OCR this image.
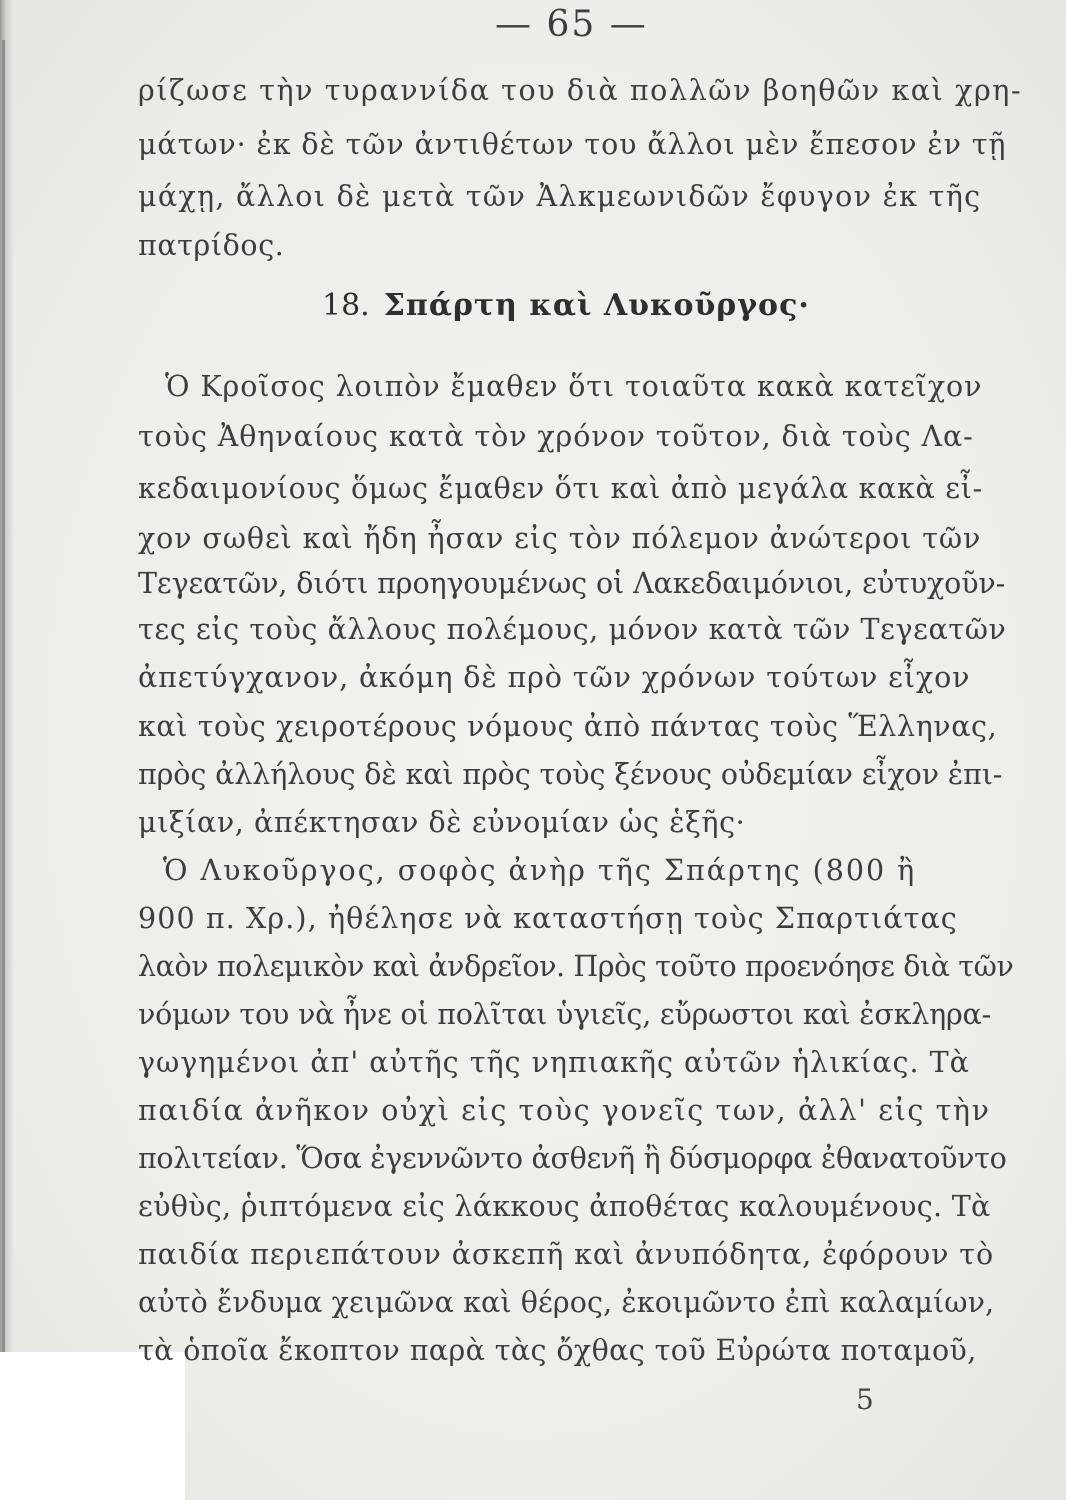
— 65 —
ρίζωσε τὴν τυραννίδα του διὰ πολλῶν βοηθῶν καὶ χρη-
μάτων· ἐκ δὲ τῶν ἀντιθέτων του ἄλλοι μὲν ἔπεσον ἐν τῇ
μάχῃ, ἄλλοι δὲ μετὰ τῶν Ἀλκμεωνιδῶν ἔφυγον ἐκ τῆς
πατρίδος.
18. Σπάρτη καὶ Λυκοῦργος·
Ὁ Κροῖσος λοιπὸν ἔμαθεν ὅτι τοιαῦτα κακὰ κατεῖχον
τοὺς Ἀθηναίους κατὰ τὸν χρόνον τοῦτον, διὰ τοὺς Λα-
κεδαιμονίους ὅμως ἔμαθεν ὅτι καὶ ἀπὸ μεγάλα κακὰ εἶ-
χον σωθεὶ καὶ ἤδη ἦσαν εἰς τὸν πόλεμον ἀνώτεροι τῶν
Τεγεατῶν, διότι προηγουμένως οἱ Λακεδαιμόνιοι, εὐτυχοῦν-
τες εἰς τοὺς ἄλλους πολέμους, μόνον κατὰ τῶν Τεγεατῶν
ἀπετύγχανον, ἀκόμη δὲ πρὸ τῶν χρόνων τούτων εἶχον
καὶ τοὺς χειροτέρους νόμους ἀπὸ πάντας τοὺς Ἕλληνας,
πρὸς ἀλλήλους δὲ καὶ πρὸς τοὺς ξένους οὐδεμίαν εἶχον ἐπι-
μιξίαν, ἀπέκτησαν δὲ εὐνομίαν ὡς ἑξῆς·
Ὁ Λυκοῦργος, σοφὸς ἀνὴρ τῆς Σπάρτης (800 ἢ
900 π. Χρ.), ἠθέλησε νὰ καταστήσῃ τοὺς Σπαρτιάτας
λαὸν πολεμικὸν καὶ ἀνδρεῖον. Πρὸς τοῦτο προενόησε διὰ τῶν
νόμων του νὰ ἦνε οἱ πολῖται ὑγιεῖς, εὔρωστοι καὶ ἐσκληρα-
γωγημένοι ἀπ' αὐτῆς τῆς νηπιακῆς αὐτῶν ἡλικίας. Τὰ
παιδία ἀνῆκον οὐχὶ εἰς τοὺς γονεῖς των, ἀλλ' εἰς τὴν
πολιτείαν. Ὅσα ἐγεννῶντο ἀσθενῆ ἢ δύσμορφα ἐθανατοῦντο
εὐθὺς, ῥιπτόμενα εἰς λάκκους ἀποθέτας καλουμένους. Τὰ
παιδία περιεπάτουν ἀσκεπῆ καὶ ἀνυπόδητα, ἐφόρουν τὸ
αὐτὸ ἔνδυμα χειμῶνα καὶ θέρος, ἐκοιμῶντο ἐπὶ καλαμίων,
τὰ ὁποῖα ἔκοπτον παρὰ τὰς ὄχθας τοῦ Εὐρώτα ποταμοῦ,
5
